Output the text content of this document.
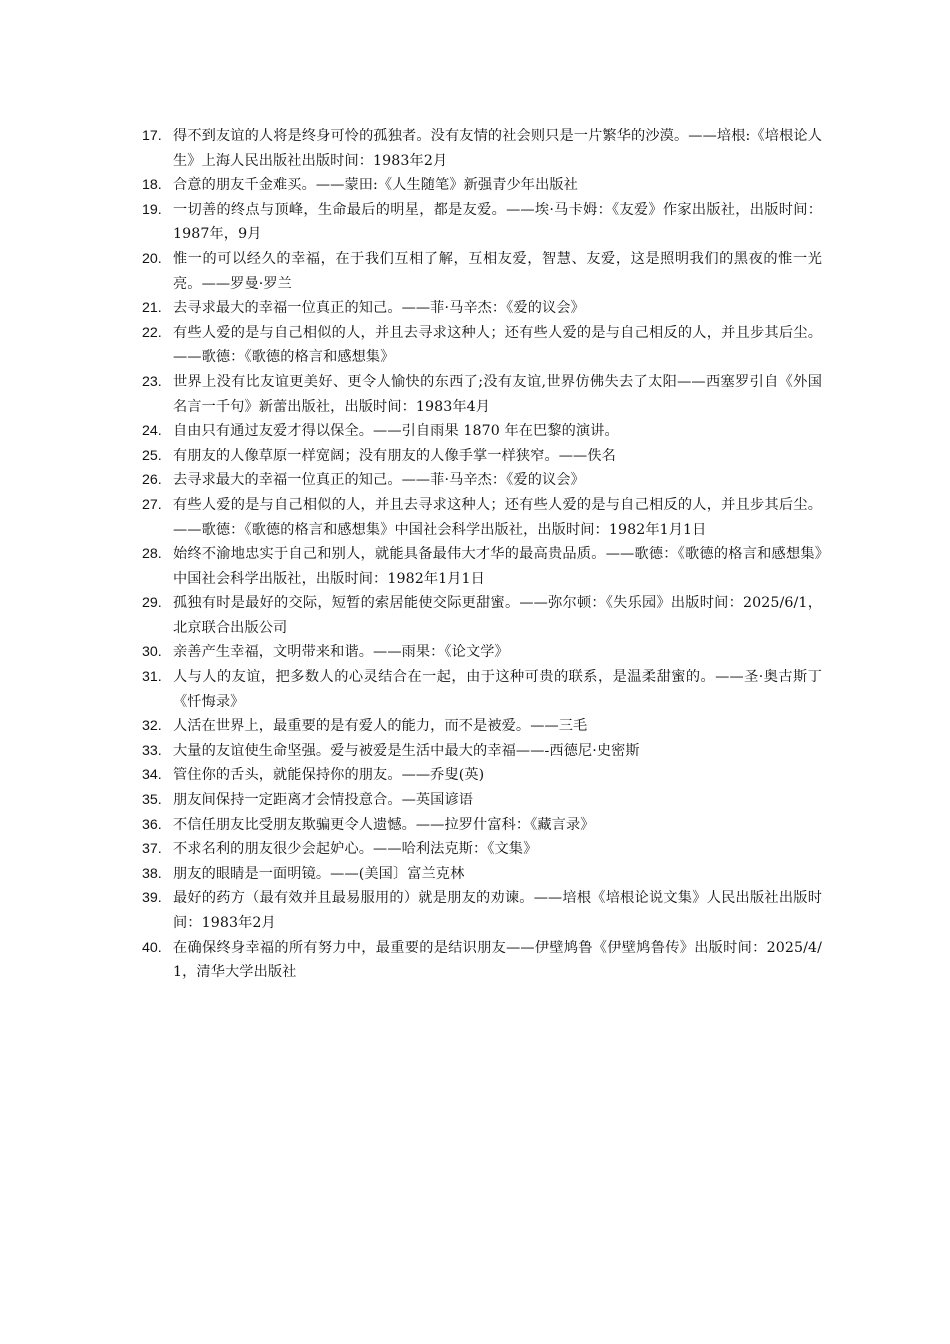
17. 得不到友谊的人将是终身可怜的孤独者。没有友情的社会则只是一片繁华的沙漠。——培根:《培根论人生》上海人民出版社出版时间：1983年2月
18. 合意的朋友千金难买。——蒙田:《人生随笔》新强青少年出版社
19. 一切善的终点与顶峰，生命最后的明星，都是友爱。——埃·马卡姆：《友爱》作家出版社，出版时间：1987年，9月
20. 惟一的可以经久的幸福，在于我们互相了解，互相友爱，智慧、友爱，这是照明我们的黑夜的惟一光亮。——罗曼·罗兰
21. 去寻求最大的幸福一位真正的知己。——菲·马辛杰：《爱的议会》
22. 有些人爱的是与自己相似的人，并且去寻求这种人；还有些人爱的是与自己相反的人，并且步其后尘。——歌德：《歌德的格言和感想集》
23. 世界上没有比友谊更美好、更令人愉快的东西了;没有友谊,世界仿佛失去了太阳——西塞罗引自《外国名言一千句》新蕾出版社，出版时间：1983年4月
24. 自由只有通过友爱才得以保全。——引自雨果 1870 年在巴黎的演讲。
25. 有朋友的人像草原一样宽阔；没有朋友的人像手掌一样狭窄。——佚名
26. 去寻求最大的幸福一位真正的知己。——菲·马辛杰：《爱的议会》
27. 有些人爱的是与自己相似的人，并且去寻求这种人；还有些人爱的是与自己相反的人，并且步其后尘。——歌德：《歌德的格言和感想集》中国社会科学出版社，出版时间：1982年1月1日
28. 始终不渝地忠实于自己和别人，就能具备最伟大才华的最高贵品质。——歌德：《歌德的格言和感想集》中国社会科学出版社，出版时间：1982年1月1日
29. 孤独有时是最好的交际，短暂的索居能使交际更甜蜜。——弥尔顿：《失乐园》出版时间：2025/6/1，北京联合出版公司
30. 亲善产生幸福，文明带来和谐。——雨果：《论文学》
31. 人与人的友谊，把多数人的心灵结合在一起，由于这种可贵的联系，是温柔甜蜜的。——圣·奥古斯丁《忏悔录》
32. 人活在世界上，最重要的是有爱人的能力，而不是被爱。——三毛
33. 大量的友谊使生命坚强。爱与被爱是生活中最大的幸福——-西德尼·史密斯
34. 管住你的舌头，就能保持你的朋友。——乔叟(英)
35. 朋友间保持一定距离才会情投意合。—英国谚语
36. 不信任朋友比受朋友欺骗更令人遗憾。——拉罗什富科：《藏言录》
37. 不求名利的朋友很少会起妒心。——哈利法克斯：《文集》
38. 朋友的眼睛是一面明镜。——(美国〕富兰克林
39. 最好的药方（最有效并且最易服用的）就是朋友的劝谏。——培根《培根论说文集》人民出版社出版时间：1983年2月
40. 在确保终身幸福的所有努力中，最重要的是结识朋友——伊壁鸠鲁《伊壁鸠鲁传》出版时间：2025/4/1，清华大学出版社
